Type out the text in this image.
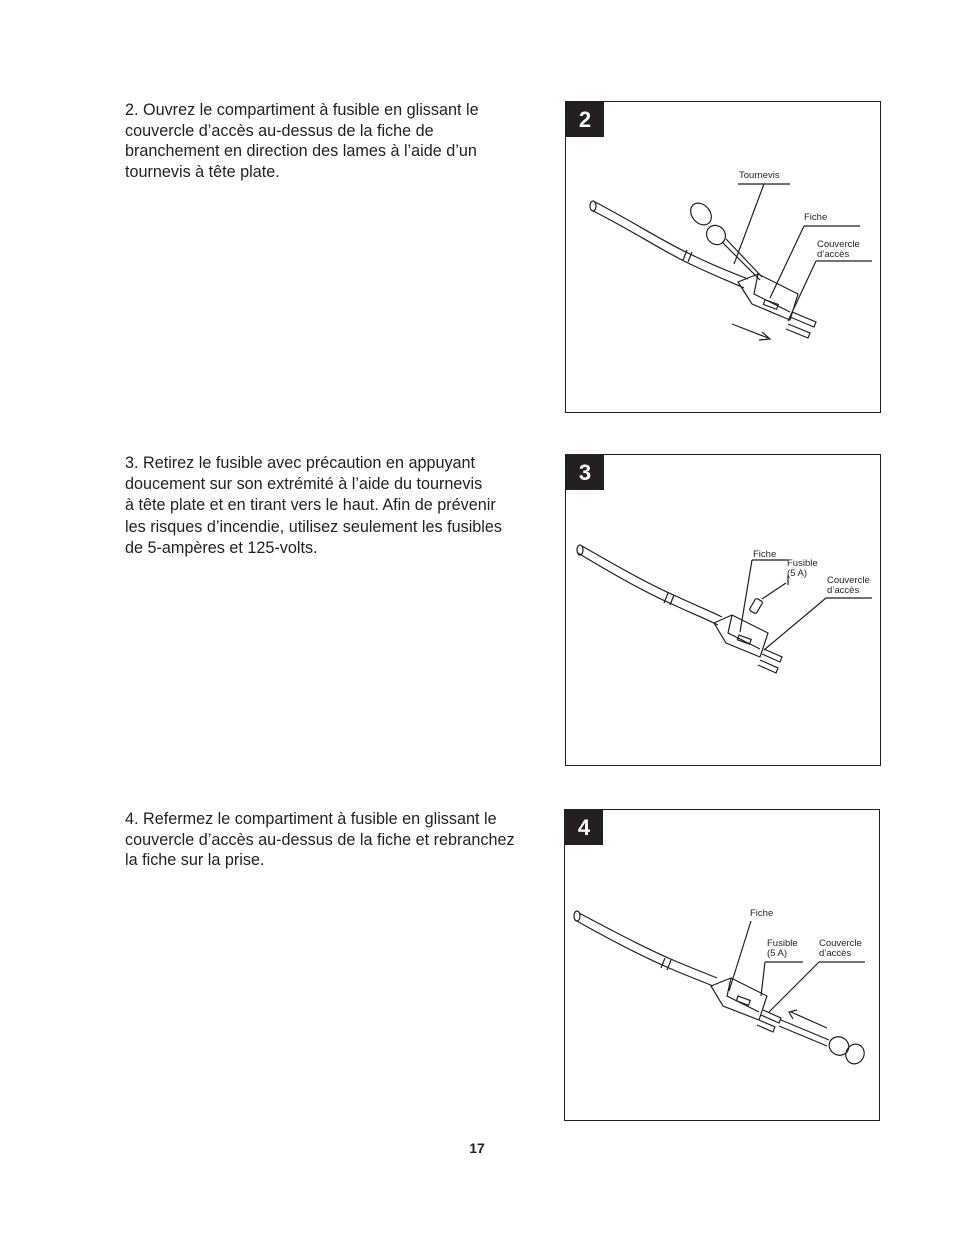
2. Ouvrez le compartiment à fusible en glissant le
couvercle d’accès au-dessus de la fiche de
branchement en direction des lames à l’aide d’un
tournevis à tête plate.

2
Tournevis
Fiche
Couvercle
d’accès

3. Retirez le fusible avec précaution en appuyant
doucement sur son extrémité à l’aide du tournevis
à tête plate et en tirant vers le haut. Afin de prévenir
les risques d’incendie, utilisez seulement les fusibles
de 5-ampères et 125-volts.

3
Fiche
Fusible
(5 A)
Couvercle
d’accès

4. Refermez le compartiment à fusible en glissant le
couvercle d’accès au-dessus de la fiche et rebranchez
la fiche sur la prise.

4
Fiche
Fusible
(5 A)
Couvercle
d’accès
17
